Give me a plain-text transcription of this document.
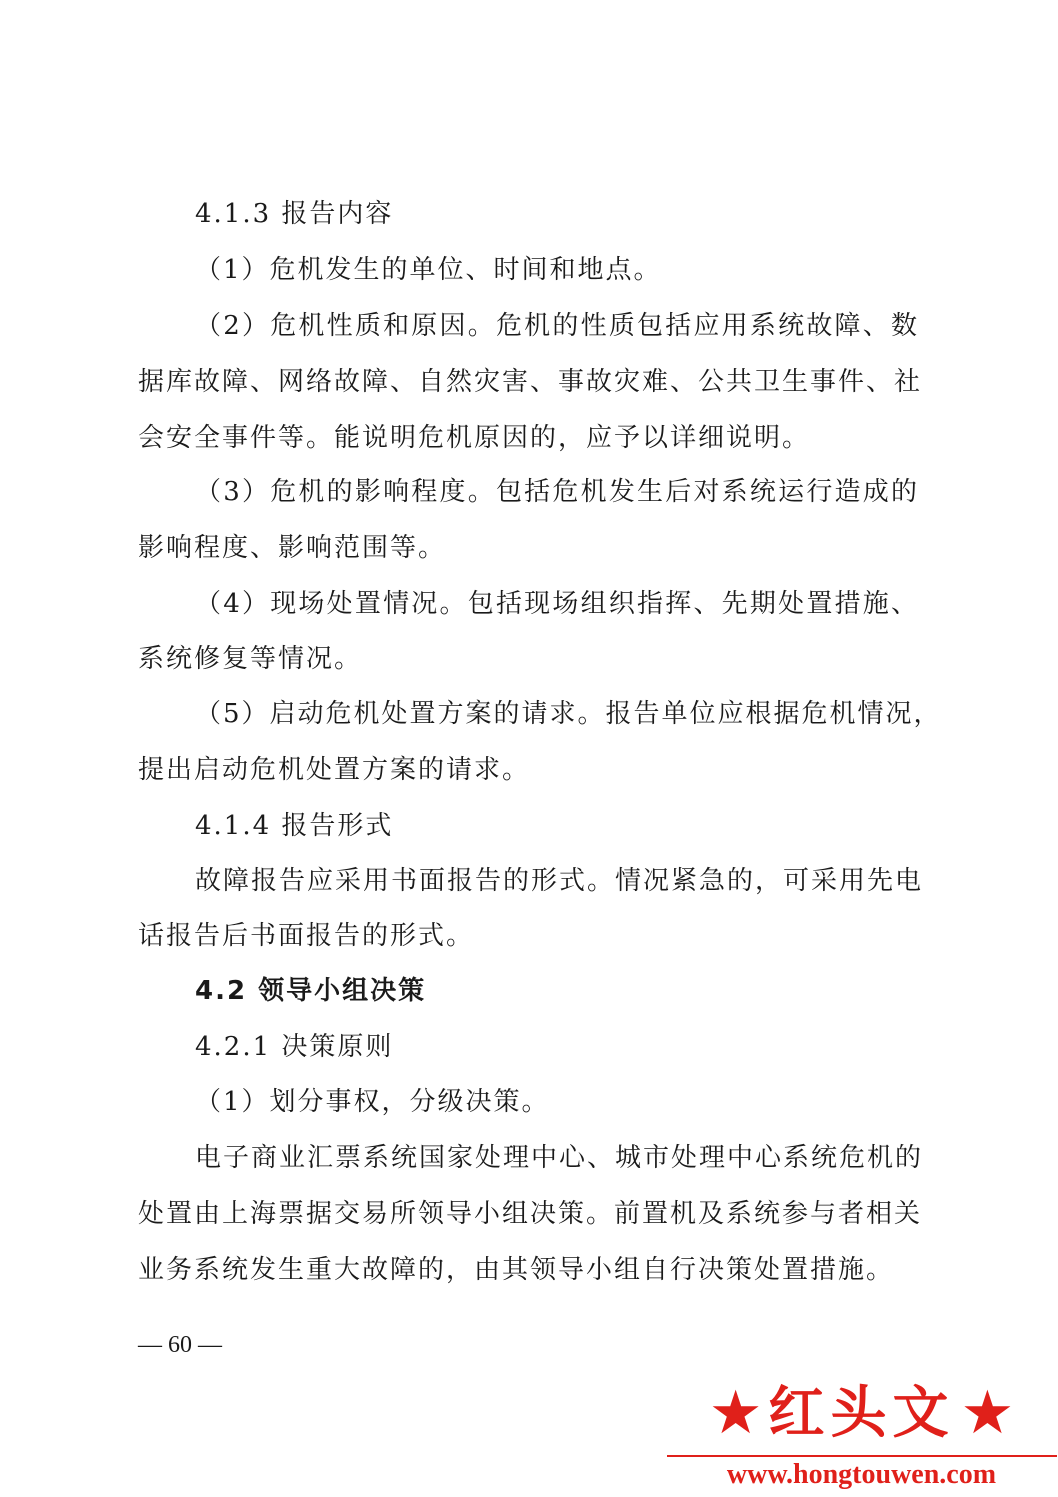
4.1.3 报告内容
（1）危机发生的单位、时间和地点。
（2）危机性质和原因。危机的性质包括应用系统故障、数
据库故障、网络故障、自然灾害、事故灾难、公共卫生事件、社
会安全事件等。能说明危机原因的，应予以详细说明。
（3）危机的影响程度。包括危机发生后对系统运行造成的
影响程度、影响范围等。
（4）现场处置情况。包括现场组织指挥、先期处置措施、
系统修复等情况。
（5）启动危机处置方案的请求。报告单位应根据危机情况，
提出启动危机处置方案的请求。
4.1.4 报告形式
故障报告应采用书面报告的形式。情况紧急的，可采用先电
话报告后书面报告的形式。
4.2 领导小组决策
4.2.1 决策原则
（1）划分事权，分级决策。
电子商业汇票系统国家处理中心、城市处理中心系统危机的
处置由上海票据交易所领导小组决策。前置机及系统参与者相关
业务系统发生重大故障的，由其领导小组自行决策处置措施。
— 60 —
★ 红头文 ★
www.hongtouwen.com
